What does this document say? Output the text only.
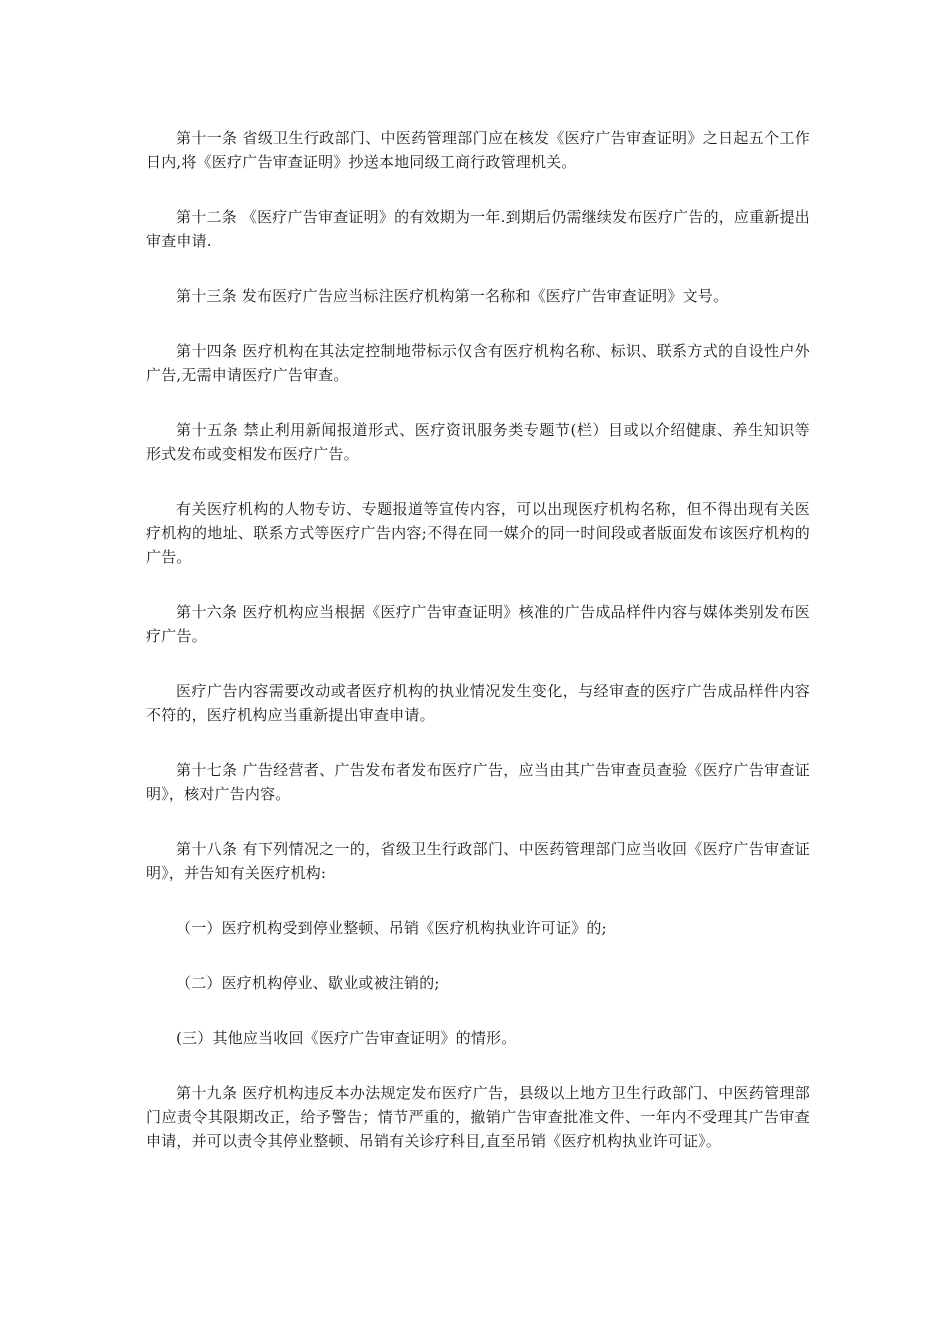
第十一条 省级卫生行政部门、中医药管理部门应在核发《医疗广告审查证明》之日起五个工作日内,将《医疗广告审查证明》抄送本地同级工商行政管理机关。

第十二条 《医疗广告审查证明》的有效期为一年.到期后仍需继续发布医疗广告的，应重新提出审查申请.

第十三条 发布医疗广告应当标注医疗机构第一名称和《医疗广告审查证明》文号。

第十四条 医疗机构在其法定控制地带标示仅含有医疗机构名称、标识、联系方式的自设性户外广告,无需申请医疗广告审查。

第十五条 禁止利用新闻报道形式、医疗资讯服务类专题节(栏）目或以介绍健康、养生知识等形式发布或变相发布医疗广告。

有关医疗机构的人物专访、专题报道等宣传内容，可以出现医疗机构名称，但不得出现有关医疗机构的地址、联系方式等医疗广告内容;不得在同一媒介的同一时间段或者版面发布该医疗机构的广告。

第十六条 医疗机构应当根据《医疗广告审查证明》核准的广告成品样件内容与媒体类别发布医疗广告。

医疗广告内容需要改动或者医疗机构的执业情况发生变化，与经审查的医疗广告成品样件内容不符的，医疗机构应当重新提出审查申请。

第十七条 广告经营者、广告发布者发布医疗广告，应当由其广告审查员查验《医疗广告审查证明》，核对广告内容。

第十八条 有下列情况之一的，省级卫生行政部门、中医药管理部门应当收回《医疗广告审查证明》，并告知有关医疗机构:

（一）医疗机构受到停业整顿、吊销《医疗机构执业许可证》的;

（二）医疗机构停业、歇业或被注销的;

(三）其他应当收回《医疗广告审查证明》的情形。

第十九条 医疗机构违反本办法规定发布医疗广告，县级以上地方卫生行政部门、中医药管理部门应责令其限期改正，给予警告；情节严重的，撤销广告审查批准文件、一年内不受理其广告审查申请，并可以责令其停业整顿、吊销有关诊疗科目,直至吊销《医疗机构执业许可证》。
